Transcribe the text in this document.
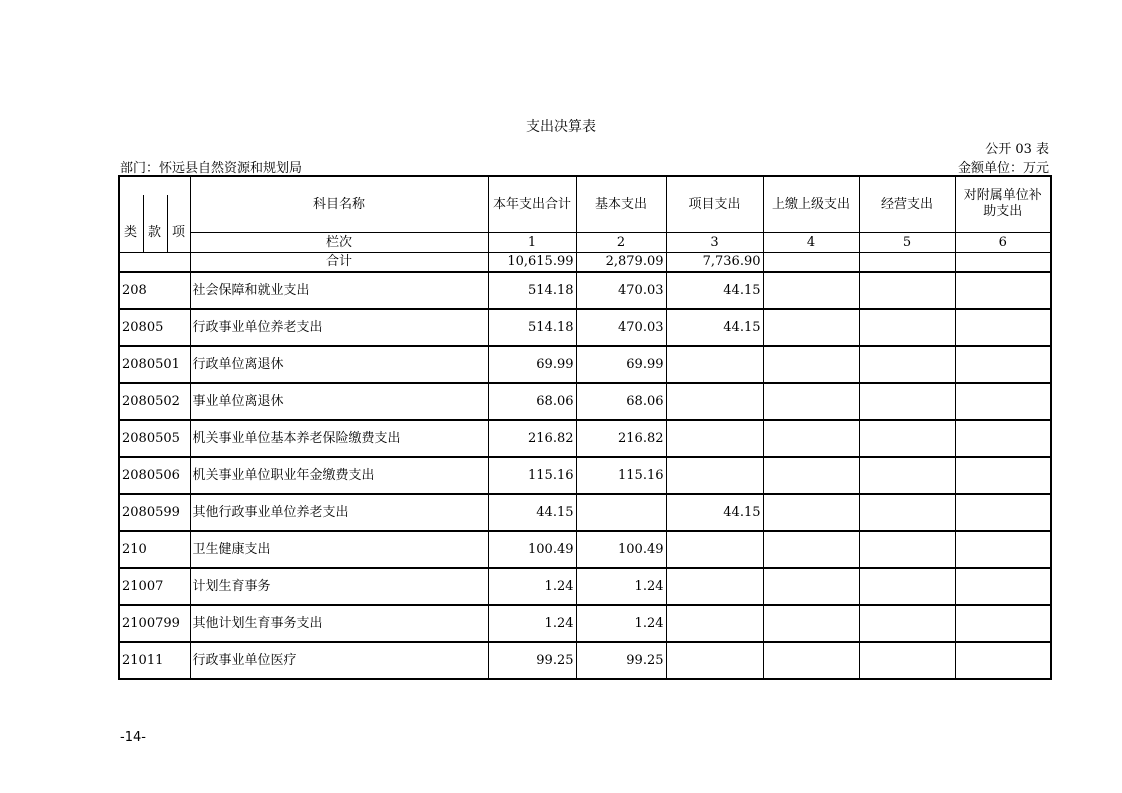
支出决算表
公开 03 表
部门：怀远县自然资源和规划局	金额单位：万元
类 款 项	科目名称	本年支出合计	基本支出	项目支出	上缴上级支出	经营支出	对附属单位补助支出
	栏次	1	2	3	4	5	6
	合计	10,615.99	2,879.09	7,736.90			
208	社会保障和就业支出	514.18	470.03	44.15			
20805	行政事业单位养老支出	514.18	470.03	44.15			
2080501	行政单位离退休	69.99	69.99				
2080502	事业单位离退休	68.06	68.06				
2080505	机关事业单位基本养老保险缴费支出	216.82	216.82				
2080506	机关事业单位职业年金缴费支出	115.16	115.16				
2080599	其他行政事业单位养老支出	44.15		44.15			
210	卫生健康支出	100.49	100.49				
21007	计划生育事务	1.24	1.24				
2100799	其他计划生育事务支出	1.24	1.24				
21011	行政事业单位医疗	99.25	99.25				
-14-
